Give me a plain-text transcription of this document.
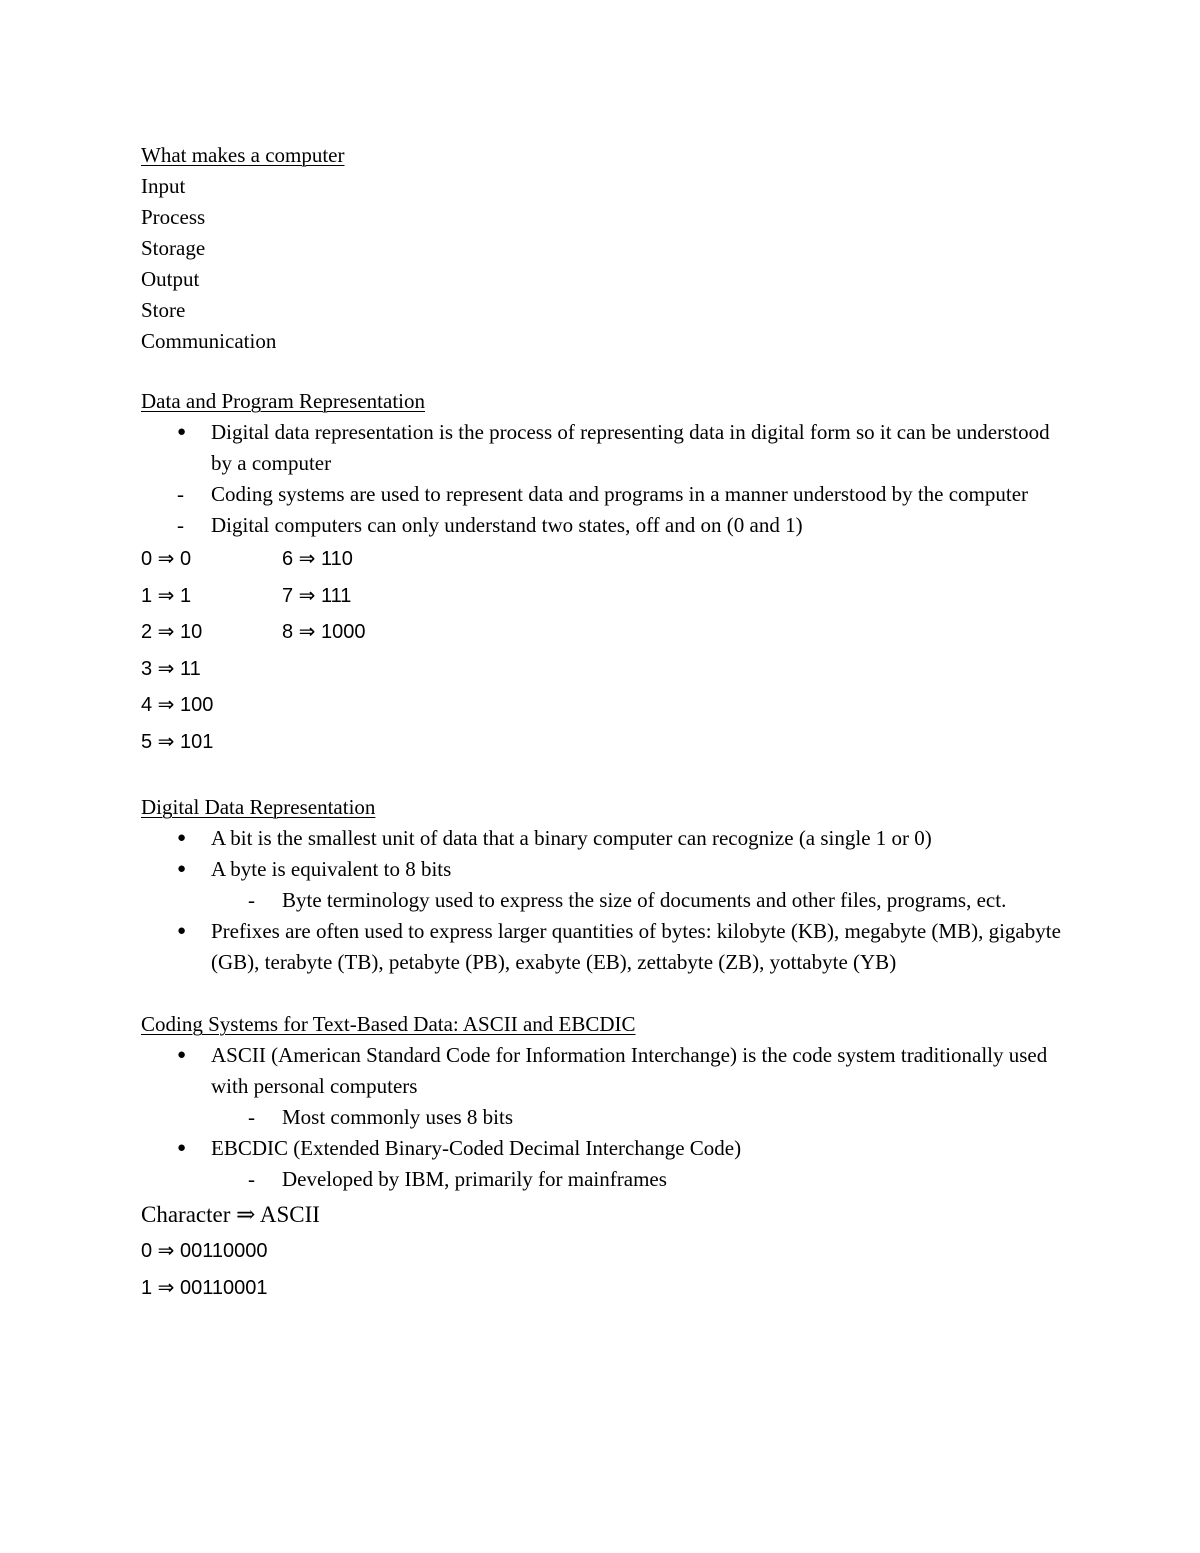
What makes a computer
Input
Process
Storage
Output
Store
Communication
Data and Program Representation
● Digital data representation is the process of representing data in digital form so it can be understood by a computer
- Coding systems are used to represent data and programs in a manner understood by the computer
- Digital computers can only understand two states, off and on (0 and 1)
0 ⇒ 0	6 ⇒ 110
1 ⇒ 1	7 ⇒ 111
2 ⇒ 10	8 ⇒ 1000
3 ⇒ 11
4 ⇒ 100
5 ⇒ 101
Digital Data Representation
● A bit is the smallest unit of data that a binary computer can recognize (a single 1 or 0)
● A byte is equivalent to 8 bits
- Byte terminology used to express the size of documents and other files, programs, ect.
● Prefixes are often used to express larger quantities of bytes: kilobyte (KB), megabyte (MB), gigabyte (GB), terabyte (TB), petabyte (PB), exabyte (EB), zettabyte (ZB), yottabyte (YB)
Coding Systems for Text-Based Data: ASCII and EBCDIC
● ASCII (American Standard Code for Information Interchange) is the code system traditionally used with personal computers
- Most commonly uses 8 bits
● EBCDIC (Extended Binary-Coded Decimal Interchange Code)
- Developed by IBM, primarily for mainframes
Character ⇒ ASCII
0 ⇒ 00110000
1 ⇒ 00110001
